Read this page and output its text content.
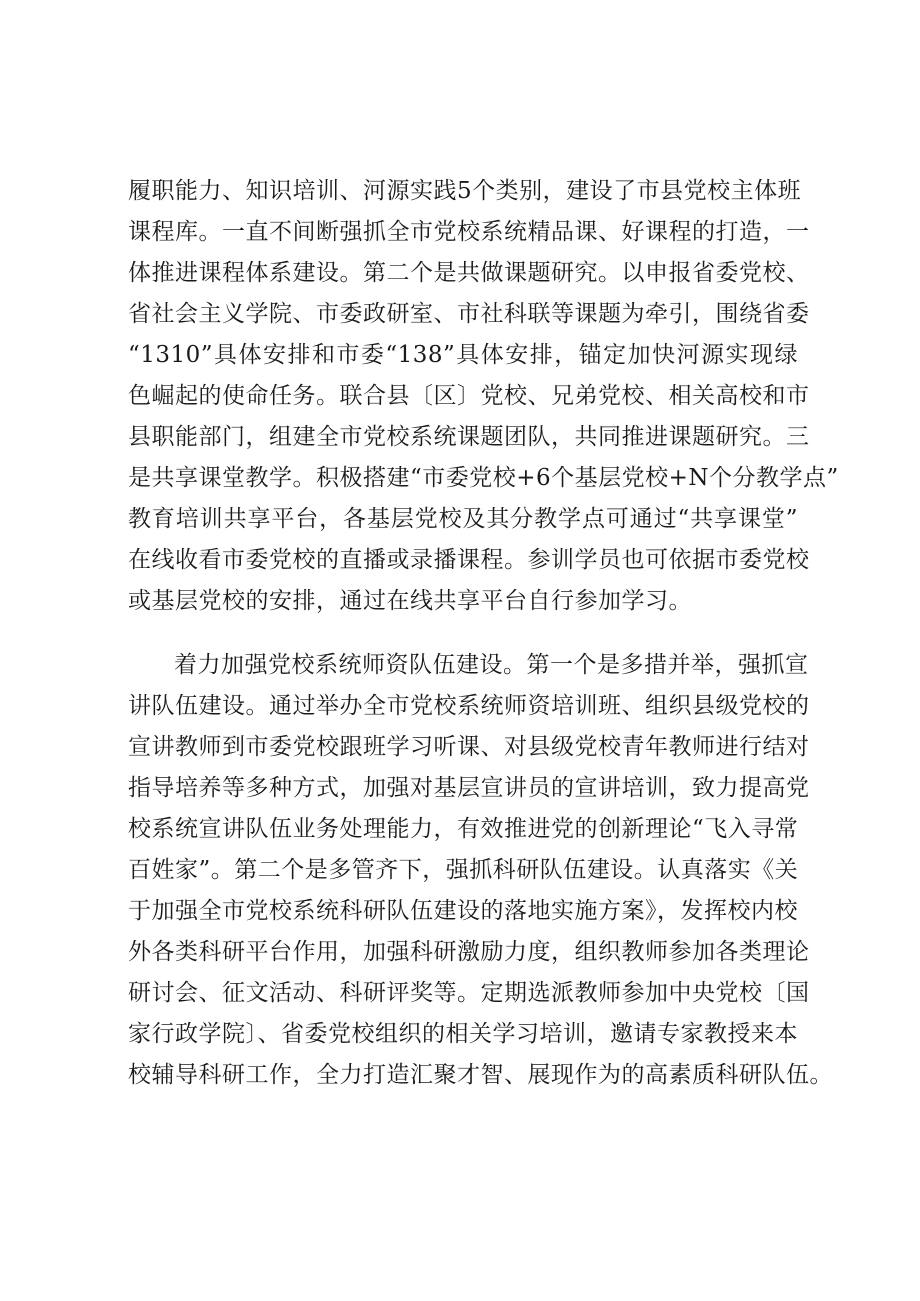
履职能力、知识培训、河源实践5个类别，建设了市县党校主体班
课程库。一直不间断强抓全市党校系统精品课、好课程的打造，一
体推进课程体系建设。第二个是共做课题研究。以申报省委党校、
省社会主义学院、市委政研室、市社科联等课题为牵引，围绕省委
“1310”具体安排和市委“138”具体安排，锚定加快河源实现绿
色崛起的使命任务。联合县〔区〕党校、兄弟党校、相关高校和市
县职能部门，组建全市党校系统课题团队，共同推进课题研究。三
是共享课堂教学。积极搭建“市委党校+6个基层党校+N个分教学点”
教育培训共享平台，各基层党校及其分教学点可通过“共享课堂”
在线收看市委党校的直播或录播课程。参训学员也可依据市委党校
或基层党校的安排，通过在线共享平台自行参加学习。
着力加强党校系统师资队伍建设。第一个是多措并举，强抓宣
讲队伍建设。通过举办全市党校系统师资培训班、组织县级党校的
宣讲教师到市委党校跟班学习听课、对县级党校青年教师进行结对
指导培养等多种方式，加强对基层宣讲员的宣讲培训，致力提高党
校系统宣讲队伍业务处理能力，有效推进党的创新理论“飞入寻常
百姓家”。第二个是多管齐下，强抓科研队伍建设。认真落实《关
于加强全市党校系统科研队伍建设的落地实施方案》，发挥校内校
外各类科研平台作用，加强科研激励力度，组织教师参加各类理论
研讨会、征文活动、科研评奖等。定期选派教师参加中央党校〔国
家行政学院〕、省委党校组织的相关学习培训，邀请专家教授来本
校辅导科研工作，全力打造汇聚才智、展现作为的高素质科研队伍。
